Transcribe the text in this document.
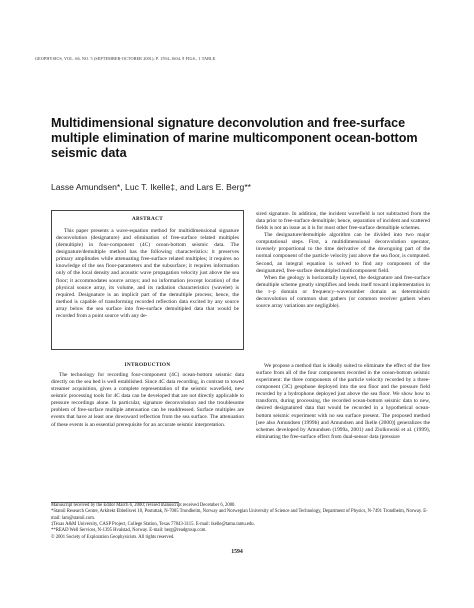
GEOPHYSICS, VOL. 66, NO. 5 (SEPTEMBER-OCTOBER 2001); P. 1594–1604, 9 FIGS., 1 TABLE.
Multidimensional signature deconvolution and free-surface multiple elimination of marine multicomponent ocean-bottom seismic data
Lasse Amundsen*, Luc T. Ikelle‡, and Lars E. Berg**
ABSTRACT

This paper presents a wave-equation method for multidimensional signature deconvolution (designature) and elimination of free-surface related multiples (demultiple) in four-component (4C) ocean-bottom seismic data. The designature/demultiple method has the following characteristics: it preserves primary amplitudes while attenuating free-surface related multiples; it requires no knowledge of the sea floor-parameters and the subsurface; it requires information only of the local density and acoustic wave propagation velocity just above the sea floor; it accommodates source arrays; and no information (except location) of the physical source array, its volume, and its radiation characteristics (wavelet) is required. Designature is an implicit part of the demultiple process; hence, the method is capable of transforming recorded reflection data excited by any source array below the sea surface into free-surface demultipled data that would be recorded from a point source with any de-

sired signature. In addition, the incident wavefield is not subtracted from the data prior to free-surface demultiple; hence, separation of incident and scattered fields is not an issue as it is for most other free-surface demultiple schemes.

The designature/demultiple algorithm can be divided into two major computational steps. First, a multidimensional deconvolution operator, inversely proportional to the time derivative of the downgoing part of the normal component of the particle velocity just above the sea floor, is computed. Second, an integral equation is solved to find any component of the designatured, free-surface demultipled multicomponent field.

When the geology is horizontally layered, the designature and free-surface demultiple scheme greatly simplifies and lends itself toward implementation in the τ–p domain or frequency–wavenumber domain as deterministic deconvolution of common shot gathers (or common receiver gathers when source array variations are negligible).

INTRODUCTION

The technology for recording four-component (4C) ocean-bottom seismic data directly on the sea bed is well established. Since 4C data recording, in contrast to towed streamer acquisition, gives a complete representation of the seismic wavefield, new seismic processing tools for 4C data can be developed that are not directly applicable to pressure recordings alone. In particular, signature deconvolution and the troublesome problem of free-surface multiple attenuation can be readdressed. Surface multiples are events that have at least one downward reflection from the sea surface. The attenuation of these events is an essential prerequisite for an accurate seismic interpretation.

We propose a method that is ideally suited to eliminate the effect of the free surface from all of the four components recorded in the ocean-bottom seismic experiment: the three components of the particle velocity recorded by a three-component (3C) geophone deployed into the sea floor and the pressure field recorded by a hydrophone deployed just above the sea floor. We show how to transform, during processing, the recorded ocean-bottom seismic data to new, desired designatured data that would be recorded in a hypothetical ocean-bottom seismic experiment with no sea surface present. The proposed method [see also Amundsen (1999b) and Amundsen and Ikelle (2000)] generalizes the schemes developed by Amundsen (1999a, 2001) and Ziolkowski et al. (1999), eliminating the free-surface effect from dual-sensor data (pressure

Manuscript received by the Editor March 6, 2000; revised manuscript received December 6, 2000.

*Statoil Research Centre, Arkitekt Ebbellsvei 10, Postuttak, N-7005 Trondheim, Norway and Norwegian University of Science and Technology, Department of Physics, N-7491 Trondheim, Norway. E-mail: lam@statoil.com.

‡Texas A&M University, CASP Project, College Station, Texas 77843-3115. E-mail: ikelle@tamu.tamu.edu.

**READ Well Services, N-1395 Hvalstad, Norway. E-mail: berg@readgroup.com.

© 2001 Society of Exploration Geophysicists. All rights reserved.

1594
